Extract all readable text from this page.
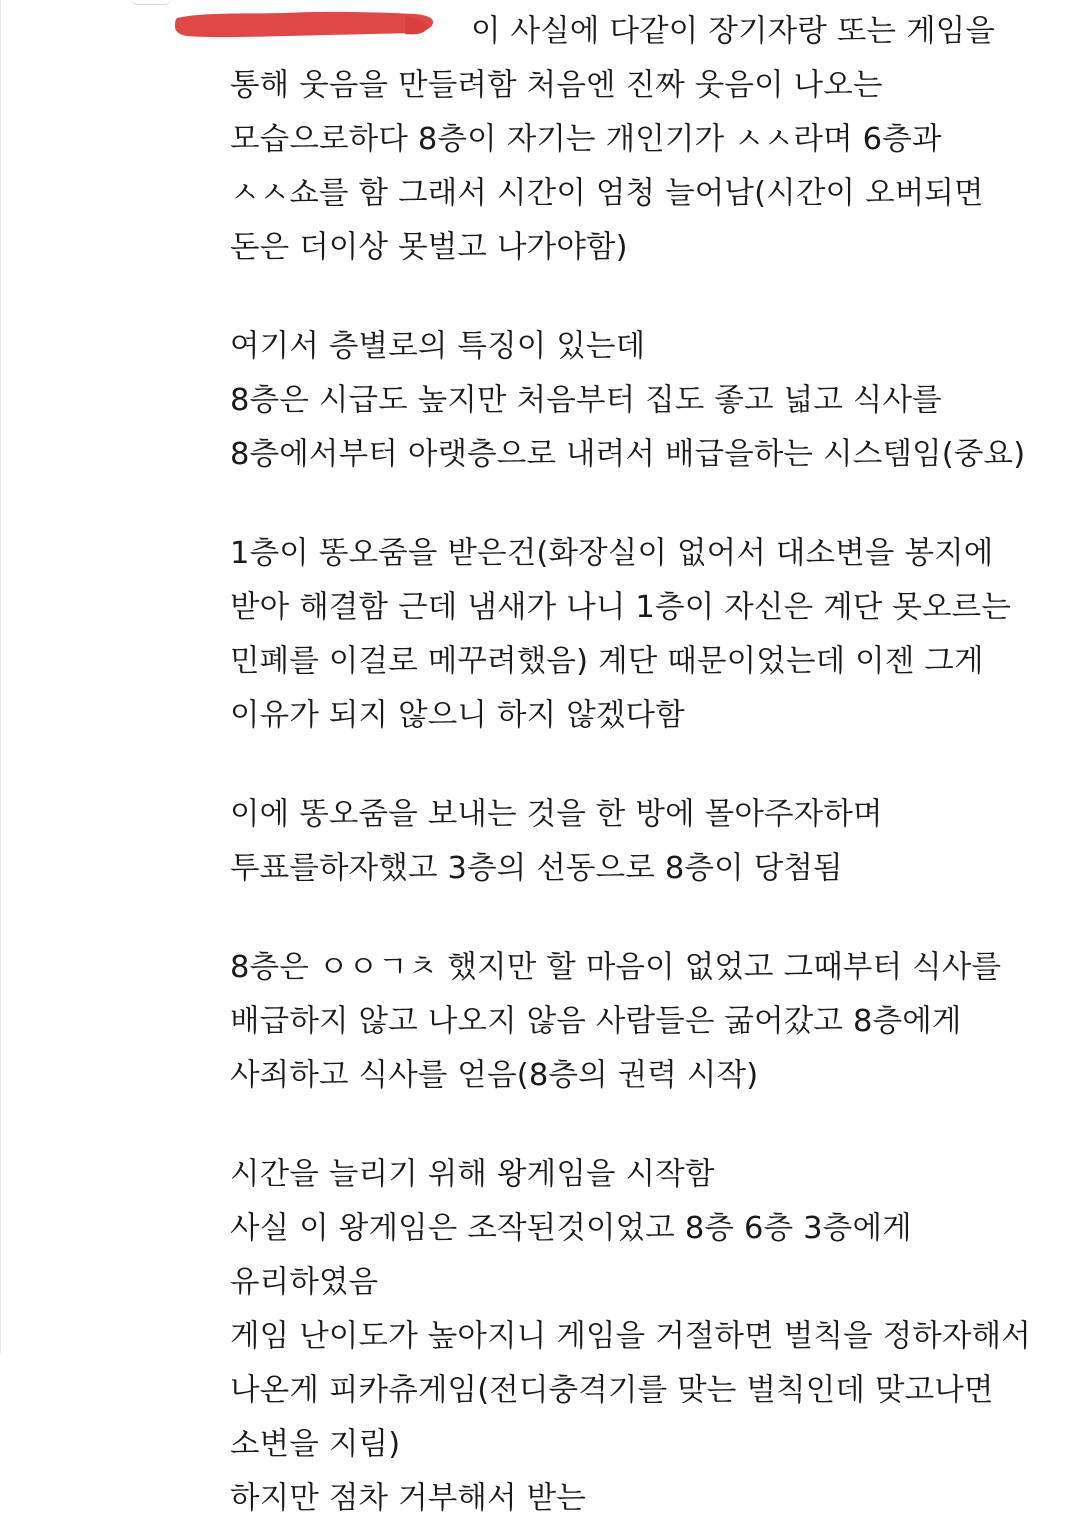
이 사실에 다같이 장기자랑 또는 게임을
통해 웃음을 만들려함 처음엔 진짜 웃음이 나오는
모습으로하다 8층이 자기는 개인기가 ㅅㅅ라며 6층과
ㅅㅅ쇼를 함 그래서 시간이 엄청 늘어남(시간이 오버되면
돈은 더이상 못벌고 나가야함)
여기서 층별로의 특징이 있는데
8층은 시급도 높지만 처음부터 집도 좋고 넓고 식사를
8층에서부터 아랫층으로 내려서 배급을하는 시스템임(중요)
1층이 똥오줌을 받은건(화장실이 없어서 대소변을 봉지에
받아 해결함 근데 냄새가 나니 1층이 자신은 계단 못오르는
민폐를 이걸로 메꾸려했음) 계단 때문이었는데 이젠 그게
이유가 되지 않으니 하지 않겠다함
이에 똥오줌을 보내는 것을 한 방에 몰아주자하며
투표를하자했고 3층의 선동으로 8층이 당첨됨
8층은 ㅇㅇㄱㅊ 했지만 할 마음이 없었고 그때부터 식사를
배급하지 않고 나오지 않음 사람들은 굶어갔고 8층에게
사죄하고 식사를 얻음(8층의 권력 시작)
시간을 늘리기 위해 왕게임을 시작함
사실 이 왕게임은 조작된것이었고 8층 6층 3층에게
유리하였음
게임 난이도가 높아지니 게임을 거절하면 벌칙을 정하자해서
나온게 피카츄게임(전디충격기를 맞는 벌칙인데 맞고나면
소변을 지림)
하지만 점차 거부해서 받는
